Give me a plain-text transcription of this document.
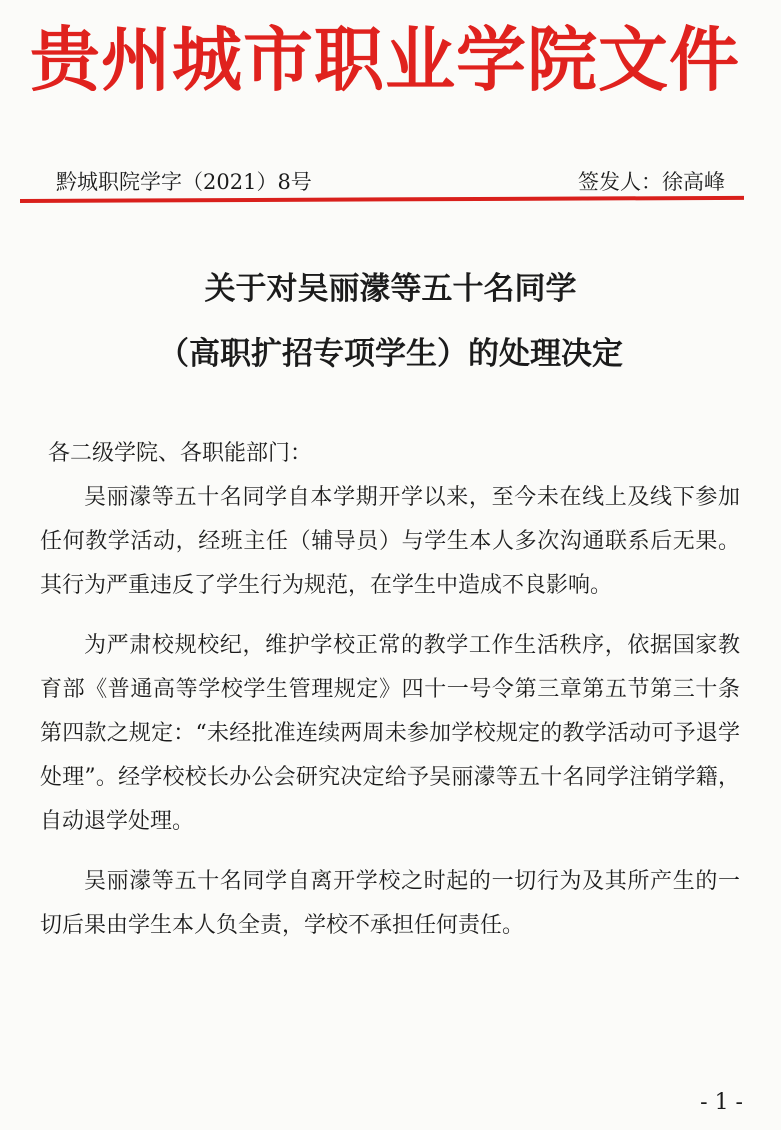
贵州城市职业学院文件
黔城职院学字（2021）8号	签发人：徐高峰
关于对吴丽濛等五十名同学
（高职扩招专项学生）的处理决定

各二级学院、各职能部门：

吴丽濛等五十名同学自本学期开学以来，至今未在线上及线下参加任何教学活动，经班主任（辅导员）与学生本人多次沟通联系后无果。其行为严重违反了学生行为规范，在学生中造成不良影响。

为严肃校规校纪，维护学校正常的教学工作生活秩序，依据国家教育部《普通高等学校学生管理规定》四十一号令第三章第五节第三十条第四款之规定：“未经批准连续两周未参加学校规定的教学活动可予退学处理”。经学校校长办公会研究决定给予吴丽濛等五十名同学注销学籍，自动退学处理。

吴丽濛等五十名同学自离开学校之时起的一切行为及其所产生的一切后果由学生本人负全责，学校不承担任何责任。

- 1 -
